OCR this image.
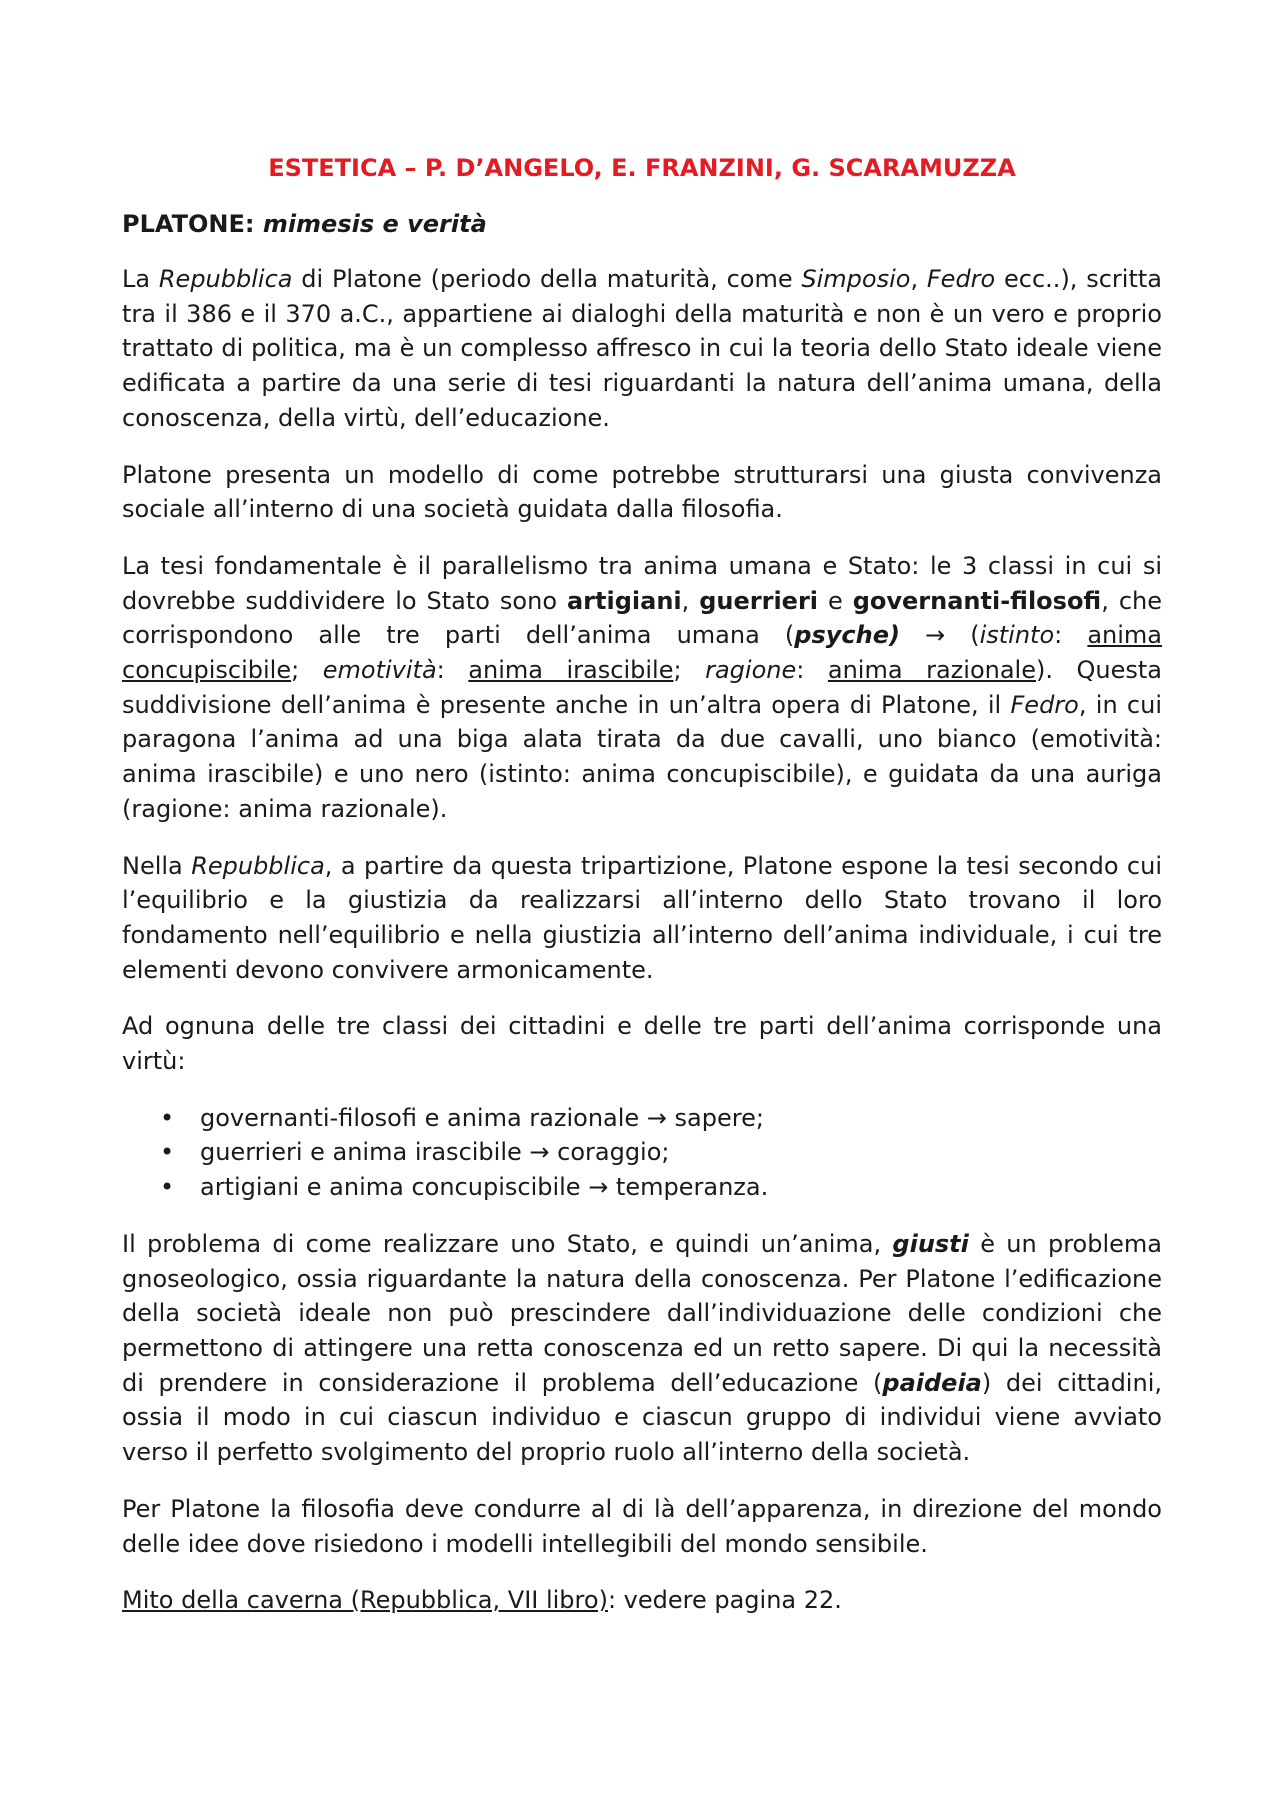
ESTETICA – P. D’ANGELO, E. FRANZINI, G. SCARAMUZZA
PLATONE: mimesis e verità

La Repubblica di Platone (periodo della maturità, come Simposio, Fedro ecc..), scritta tra il 386 e il 370 a.C., appartiene ai dialoghi della maturità e non è un vero e proprio trattato di politica, ma è un complesso affresco in cui la teoria dello Stato ideale viene edificata a partire da una serie di tesi riguardanti la natura dell’anima umana, della conoscenza, della virtù, dell’educazione.

Platone presenta un modello di come potrebbe strutturarsi una giusta convivenza sociale all’interno di una società guidata dalla filosofia.

La tesi fondamentale è il parallelismo tra anima umana e Stato: le 3 classi in cui si dovrebbe suddividere lo Stato sono artigiani, guerrieri e governanti-filosofi, che corrispondono alle tre parti dell’anima umana (psyche) → (istinto: anima concupiscibile; emotività: anima irascibile; ragione: anima razionale). Questa suddivisione dell’anima è presente anche in un’altra opera di Platone, il Fedro, in cui paragona l’anima ad una biga alata tirata da due cavalli, uno bianco (emotività: anima irascibile) e uno nero (istinto: anima concupiscibile), e guidata da una auriga (ragione: anima razionale).

Nella Repubblica, a partire da questa tripartizione, Platone espone la tesi secondo cui l’equilibrio e la giustizia da realizzarsi all’interno dello Stato trovano il loro fondamento nell’equilibrio e nella giustizia all’interno dell’anima individuale, i cui tre elementi devono convivere armonicamente.

Ad ognuna delle tre classi dei cittadini e delle tre parti dell’anima corrisponde una virtù:

• governanti-filosofi e anima razionale → sapere;
• guerrieri e anima irascibile → coraggio;
• artigiani e anima concupiscibile → temperanza.

Il problema di come realizzare uno Stato, e quindi un’anima, giusti è un problema gnoseologico, ossia riguardante la natura della conoscenza. Per Platone l’edificazione della società ideale non può prescindere dall’individuazione delle condizioni che permettono di attingere una retta conoscenza ed un retto sapere. Di qui la necessità di prendere in considerazione il problema dell’educazione (paideia) dei cittadini, ossia il modo in cui ciascun individuo e ciascun gruppo di individui viene avviato verso il perfetto svolgimento del proprio ruolo all’interno della società.

Per Platone la filosofia deve condurre al di là dell’apparenza, in direzione del mondo delle idee dove risiedono i modelli intellegibili del mondo sensibile.

Mito della caverna (Repubblica, VII libro): vedere pagina 22.
